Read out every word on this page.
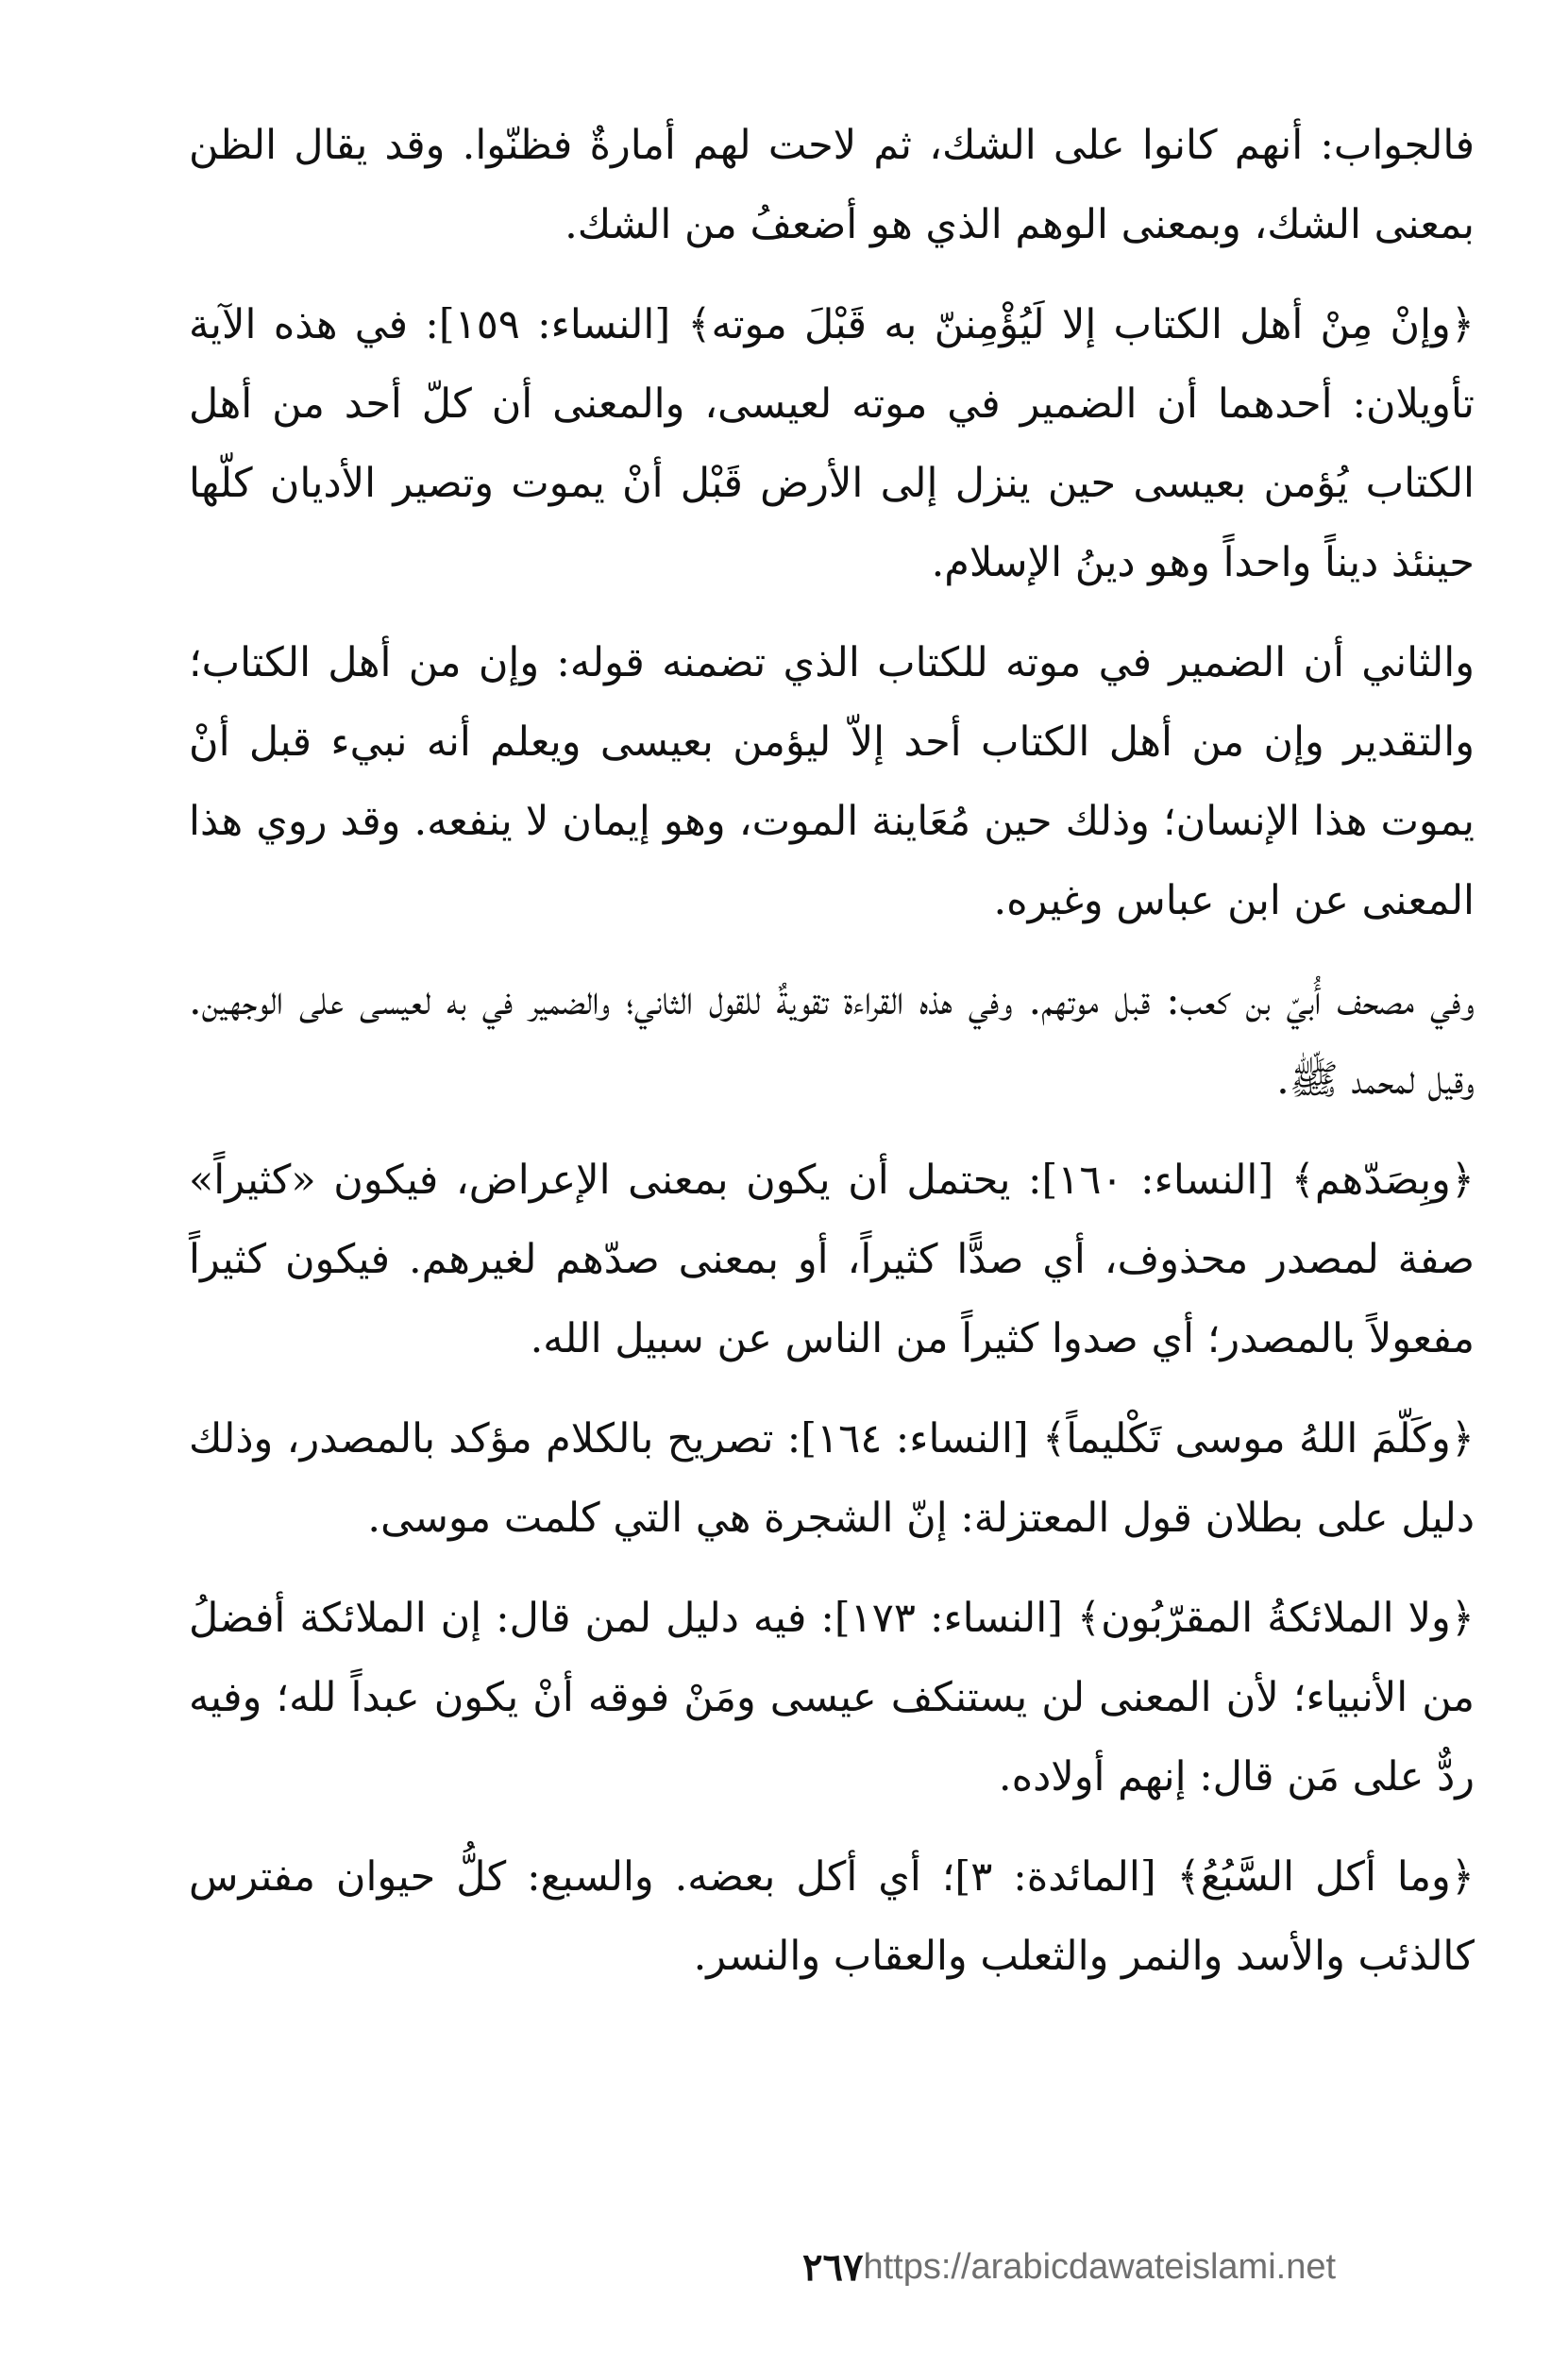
فالجواب: أنهم كانوا على الشك، ثم لاحت لهم أمارةٌ فظنّوا. وقد يقال الظن بمعنى الشك، وبمعنى الوهم الذي هو أضعفُ من الشك.

﴿وإنْ مِنْ أهل الكتاب إلا لَيُؤْمِننّ به قَبْلَ موته﴾ [النساء: ١٥٩]: في هذه الآية تأويلان: أحدهما أن الضمير في موته لعيسى، والمعنى أن كلّ أحد من أهل الكتاب يُؤمن بعيسى حين ينزل إلى الأرض قَبْل أنْ يموت وتصير الأديان كلّها حينئذ ديناً واحداً وهو دينُ الإسلام.

والثاني أن الضمير في موته للكتاب الذي تضمنه قوله: وإن من أهل الكتاب؛ والتقدير وإن من أهل الكتاب أحد إلاّ ليؤمن بعيسى ويعلم أنه نبيء قبل أنْ يموت هذا الإنسان؛ وذلك حين مُعَاينة الموت، وهو إيمان لا ينفعه. وقد روي هذا المعنى عن ابن عباس وغيره.

وفي مصحف أُبيّ بن كعب: قبل موتهم. وفي هذه القراءة تقويةٌ للقول الثاني؛ والضمير في به لعيسى على الوجهين. وقيل لمحمد ﷺ.

﴿وبِصَدّهم﴾ [النساء: ١٦٠]: يحتمل أن يكون بمعنى الإعراض، فيكون «كثيراً» صفة لمصدر محذوف، أي صدًّا كثيراً، أو بمعنى صدّهم لغيرهم. فيكون كثيراً مفعولاً بالمصدر؛ أي صدوا كثيراً من الناس عن سبيل الله.

﴿وكَلّمَ اللهُ موسى تَكْليماً﴾ [النساء: ١٦٤]: تصريح بالكلام مؤكد بالمصدر، وذلك دليل على بطلان قول المعتزلة: إنّ الشجرة هي التي كلمت موسى.

﴿ولا الملائكةُ المقرّبُون﴾ [النساء: ١٧٣]: فيه دليل لمن قال: إن الملائكة أفضلُ من الأنبياء؛ لأن المعنى لن يستنكف عيسى ومَنْ فوقه أنْ يكون عبداً لله؛ وفيه ردٌّ على مَن قال: إنهم أولاده.

﴿وما أكل السَّبُعُ﴾ [المائدة: ٣]؛ أي أكل بعضه. والسبع: كلُّ حيوان مفترس كالذئب والأسد والنمر والثعلب والعقاب والنسر.

٢٦٧https://arabicdawateislami.net
